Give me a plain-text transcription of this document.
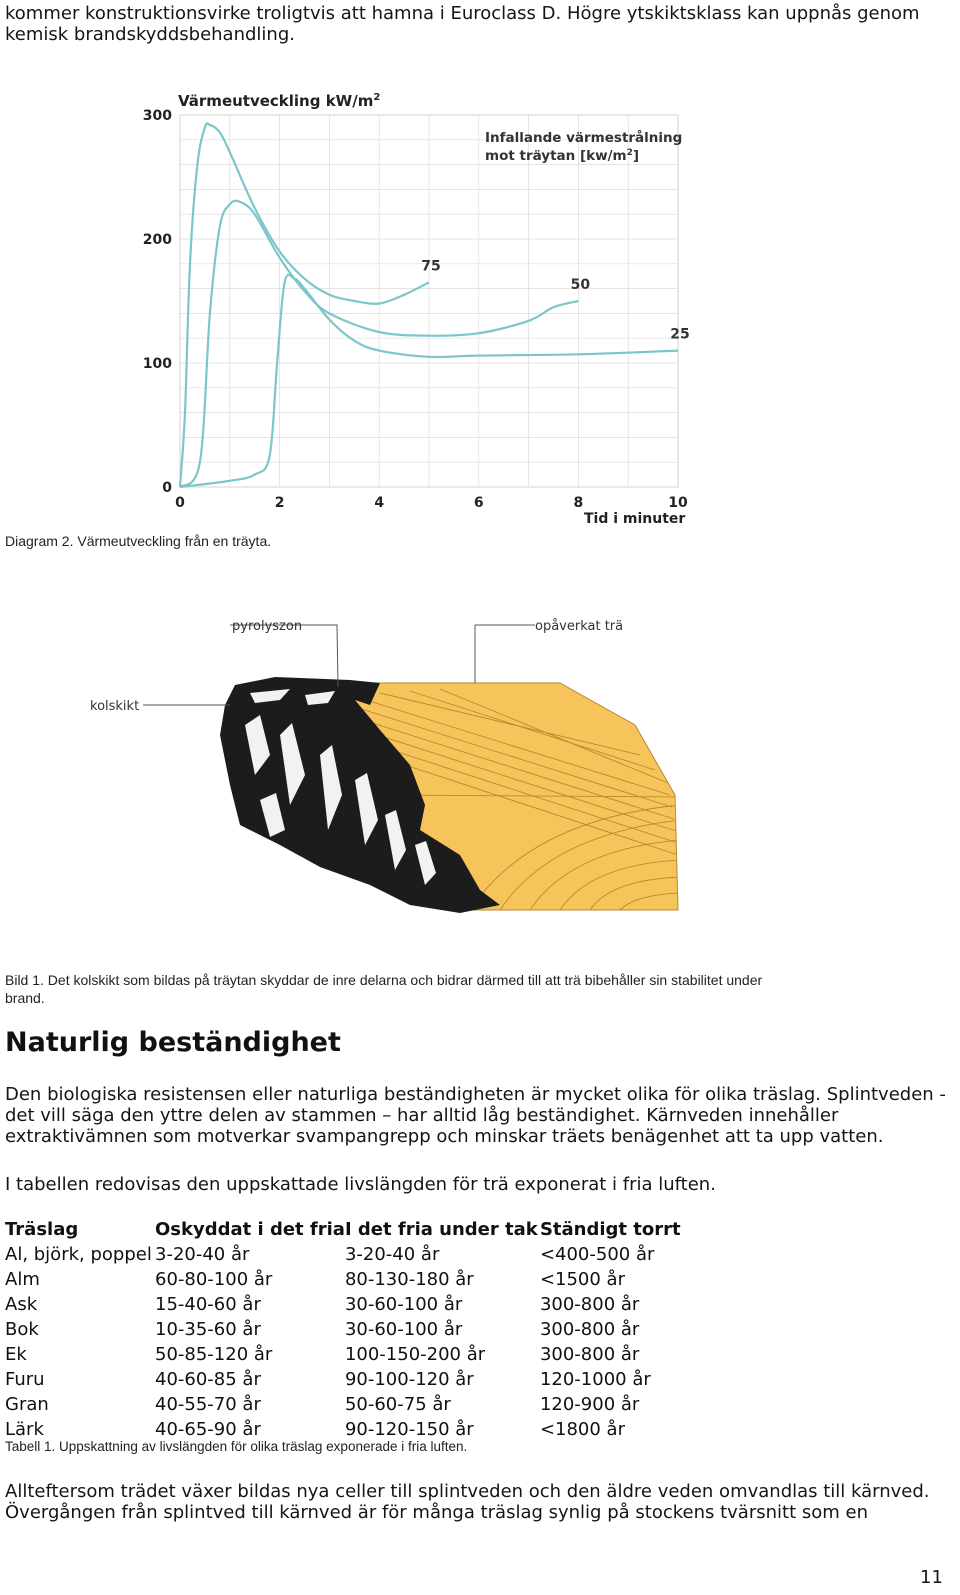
kommer konstruktionsvirke troligtvis att hamna i Euroclass D. Högre ytskiktsklass kan uppnås genom
kemisk brandskyddsbehandling.
0
100
200
300
0	2	4	6	8	10
75
50
25
Värmeutveckling $kW/m^2$
Infallande värmestrålning
mot träytan $[kw/m^2]$
Tid i minuter
Diagram 2. Värmeutveckling från en träyta.
pyrolyszon	opåverkat trä
kolskikt
Bild 1. Det kolskikt som bildas på träytan skyddar de inre delarna och bidrar därmed till att trä bibehåller sin stabilitet under
brand.
Naturlig beständighet
Den biologiska resistensen eller naturliga beständigheten är mycket olika för olika träslag. Splintveden -
det vill säga den yttre delen av stammen – har alltid låg beständighet. Kärnveden innehåller
extraktivämnen som motverkar svampangrepp och minskar träets benägenhet att ta upp vatten.
I tabellen redovisas den uppskattade livslängden för trä exponerat i fria luften.
Träslag	Oskyddat i det fria	I det fria under tak	Ständigt torrt
Al, björk, poppel	3-20-40 år	3-20-40 år	<400-500 år
Alm	60-80-100 år	80-130-180 år	<1500 år
Ask	15-40-60 år	30-60-100 år	300-800 år
Bok	10-35-60 år	30-60-100 år	300-800 år
Ek	50-85-120 år	100-150-200 år	300-800 år
Furu	40-60-85 år	90-100-120 år	120-1000 år
Gran	40-55-70 år	50-60-75 år	120-900 år
Lärk	40-65-90 år	90-120-150 år	<1800 år
Tabell 1. Uppskattning av livslängden för olika träslag exponerade i fria luften.
Allteftersom trädet växer bildas nya celler till splintveden och den äldre veden omvandlas till kärnved.
Övergången från splintved till kärnved är för många träslag synlig på stockens tvärsnitt som en
11
